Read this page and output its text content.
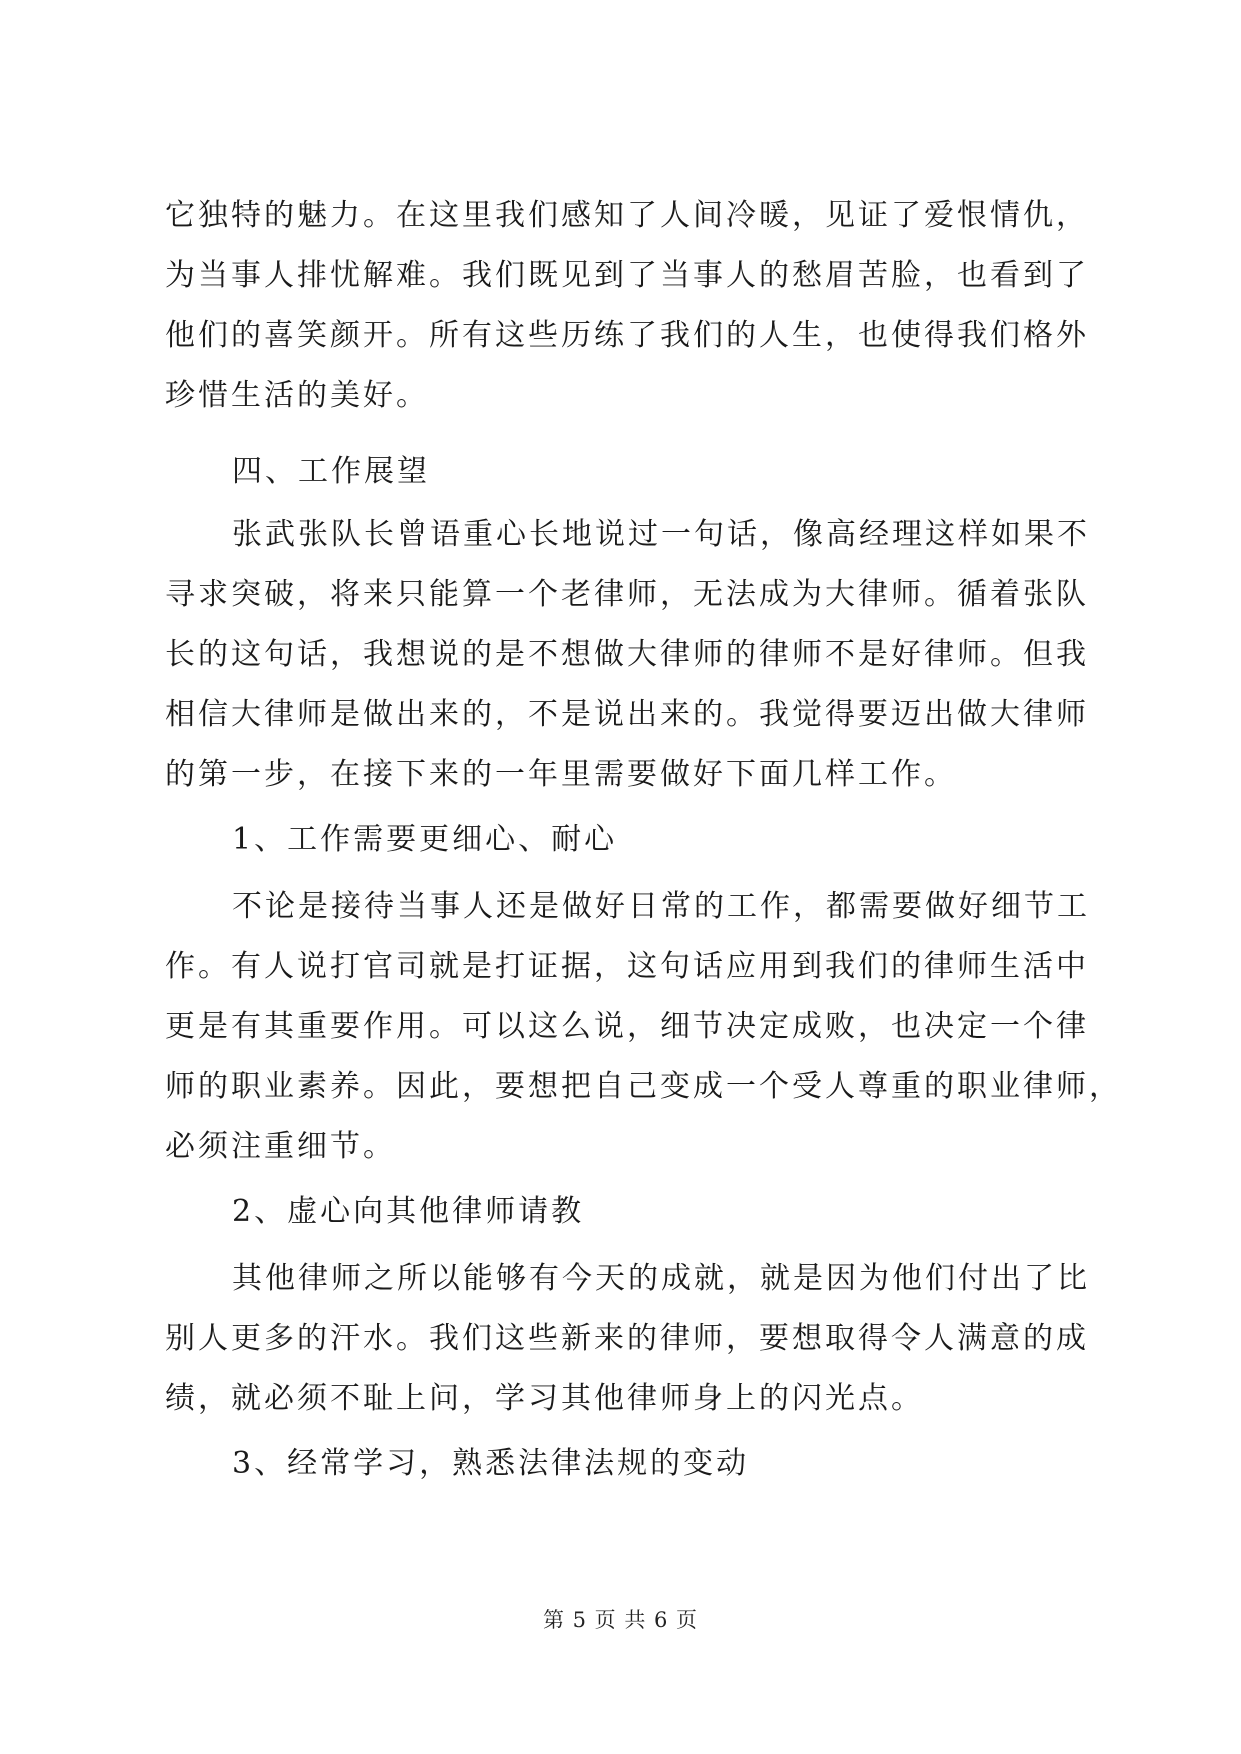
它独特的魅力。在这里我们感知了人间冷暖，见证了爱恨情仇，
为当事人排忧解难。我们既见到了当事人的愁眉苦脸，也看到了
他们的喜笑颜开。所有这些历练了我们的人生，也使得我们格外
珍惜生活的美好。
四、工作展望
张武张队长曾语重心长地说过一句话，像高经理这样如果不
寻求突破，将来只能算一个老律师，无法成为大律师。循着张队
长的这句话，我想说的是不想做大律师的律师不是好律师。但我
相信大律师是做出来的，不是说出来的。我觉得要迈出做大律师
的第一步，在接下来的一年里需要做好下面几样工作。
1、工作需要更细心、耐心
不论是接待当事人还是做好日常的工作，都需要做好细节工
作。有人说打官司就是打证据，这句话应用到我们的律师生活中
更是有其重要作用。可以这么说，细节决定成败，也决定一个律
师的职业素养。因此，要想把自己变成一个受人尊重的职业律师，
必须注重细节。
2、虚心向其他律师请教
其他律师之所以能够有今天的成就，就是因为他们付出了比
别人更多的汗水。我们这些新来的律师，要想取得令人满意的成
绩，就必须不耻上问，学习其他律师身上的闪光点。
3、经常学习，熟悉法律法规的变动
第 5 页 共 6 页
